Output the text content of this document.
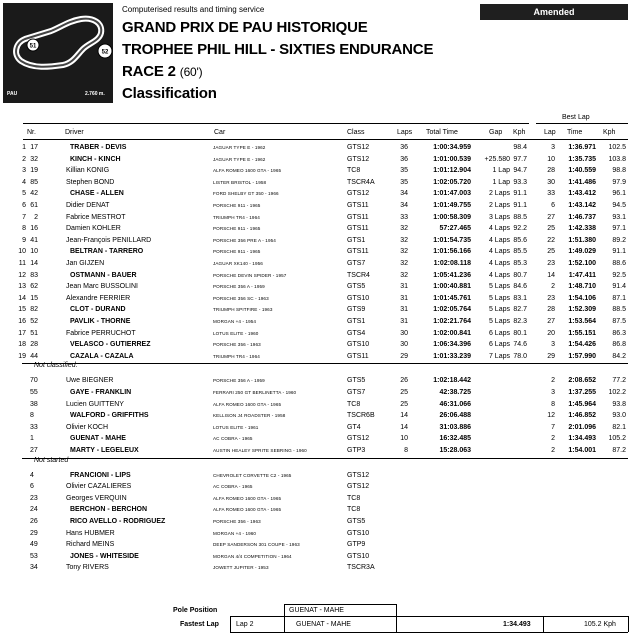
51
52
PAU	2.760 m.
Computerised results and timing service	Amended
GRAND PRIX DE PAU HISTORIQUE
TROPHEE PHIL HILL - SIXTIES ENDURANCE
RACE 2 (60')
Classification
Best Lap
Nr.	Driver	Car	Class	Laps Total Time	Gap Kph	Lap Time	Kph
1 17	TRABER - DEVIS	JAGUAR TYPE E - 1962	GTS12	36	1:00:34.959	98.4	3	1:36.971	102.5
2 32	KINCH - KINCH	JAGUAR TYPE E - 1962	GTS12	36	1:01:00.539	+25.580 97.7	10	1:35.735	103.8
3 19	Killian KONIG	ALFA ROMEO 1600 GTA - 1965	TC8	35	1:01:12.904	1 Lap 94.7	28	1:40.559	98.8
4 85	Stephen BOND	LISTER BRISTOL - 1958	TSCR4A	35	1:02:05.720	1 Lap 93.3	30	1:41.486	97.9
5 42	CHASE - ALLEN	FORD SHELBY GT 350 - 1966	GTS12	34	1:01:47.003	2 Laps 91.1	33	1:43.412	96.1
6 61	Didier DENAT	PORSCHE 911 - 1965	GTS11	34	1:01:49.755	2 Laps 91.1	6	1:43.142	94.5
7	2	Fabrice MESTROT	TRIUMPH TR4 - 1964	GTS11	33	1:00:58.309	3 Laps 88.5	27	1:46.737	93.1
8 16	Damien KOHLER	PORSCHE 911 - 1965	GTS11	32	57:27.465	4 Laps 92.2	25	1:42.338	97.1
9 41	Jean-François PENILLARD	PORSCHE 356 PRE A - 1954	GTS1	32	1:01:54.735	4 Laps 85.6	22	1:51.380	89.2
10 10	BELTRAN - TARRERO	PORSCHE 911 - 1965	GTS11	32	1:01:56.166	4 Laps 85.5	25	1:49.029	91.1
11 14	Jan GIJZEN	JAGUAR XK140 - 1956	GTS7	32	1:02:08.118	4 Laps 85.3	23	1:52.100	88.6
12 83	OSTMANN - BAUER	PORSCHE DEVIN SPIDER - 1957	TSCR4	32	1:05:41.236	4 Laps 80.7	14	1:47.411	92.5
13 62	Jean Marc BUSSOLINI	PORSCHE 356 A - 1959	GTS5	31	1:00:40.881	5 Laps 84.6	2	1:48.710	91.4
14 15	Alexandre FERRIER	PORSCHE 356 SC - 1963	GTS10	31	1:01:45.761	5 Laps 83.1	23	1:54.106	87.1
15 82	CLOT - DURAND	TRIUMPH SPITFIRE - 1963	GTS9	31	1:02:05.764	5 Laps 82.7	28	1:52.309	88.5
16 52	PAVLIK - THORNE	MORGAN +4 - 1954	GTS1	31	1:02:21.764	5 Laps 82.3	27	1:53.564	87.5
17 51	Fabrice PERRUCHOT	LOTUS ELITE - 1960	GTS4	30	1:02:00.841	6 Laps 80.1	20	1:55.151	86.3
18 28	VELASCO - GUTIERREZ	PORSCHE 356 - 1963	GTS10	30	1:06:34.396	6 Laps 74.6	3	1:54.426	86.8
19 44	CAZALA - CAZALA	TRIUMPH TR4 - 1964	GTS11	29	1:01:33.239	7 Laps 78.0	29	1:57.990	84.2
Not classified:
70	Uwe BIEGNER	PORSCHE 356 A - 1959	GTS5	26	1:02:18.442	2	2:08.652	77.2
55	GAYE - FRANKLIN	FERRARI 250 GT BERLINETTA - 1960	GTS7	25	42:38.725	3	1:37.255	102.2
38	Lucien GUITTENY	ALFA ROMEO 1600 GTA - 1965	TC8	25	46:31.066	8	1:45.964	93.8
8	WALFORD - GRIFFITHS	KELLISON J4 ROADSTER - 1958	TSCR6B	14	26:06.488	12	1:46.852	93.0
33	Olivier KOCH	LOTUS ELITE - 1961	GT4	14	31:03.886	7	2:01.096	82.1
1	GUENAT - MAHE	AC COBRA - 1965	GTS12	10	16:32.485	2	1:34.493	105.2
27	MARTY - LEGELEUX	AUSTIN HEALEY SPRITE SEBRING - 1960	GTP3	8	15:28.063	2	1:54.001	87.2
Not started
4	FRANCIONI - LIPS	CHEVROLET CORVETTE C2 - 1965	GTS12
6	Olivier CAZALIERES	AC COBRA - 1965	GTS12
23	Georges VERQUIN	ALFA ROMEO 1600 GTA - 1965	TC8
24	BERCHON - BERCHON	ALFA ROMEO 1600 GTA - 1965	TC8
26	RICO AVELLO - RODRIGUEZ	PORSCHE 356 - 1963	GTS5
29	Hans HUBMER	MORGAN +4 - 1960	GTS10
49	Richard MEINS	DEEP SANDERSON 301 COUPE - 1963	GTP9
53	JONES - WHITESIDE	MORGAN 4/4 COMPETITION - 1964	GTS10
34	Tony RIVERS	JOWETT JUPITER - 1953	TSCR3A
Pole Position	GUENAT - MAHE
Fastest Lap Lap 2	GUENAT - MAHE	1:34.493	105.2 Kph
